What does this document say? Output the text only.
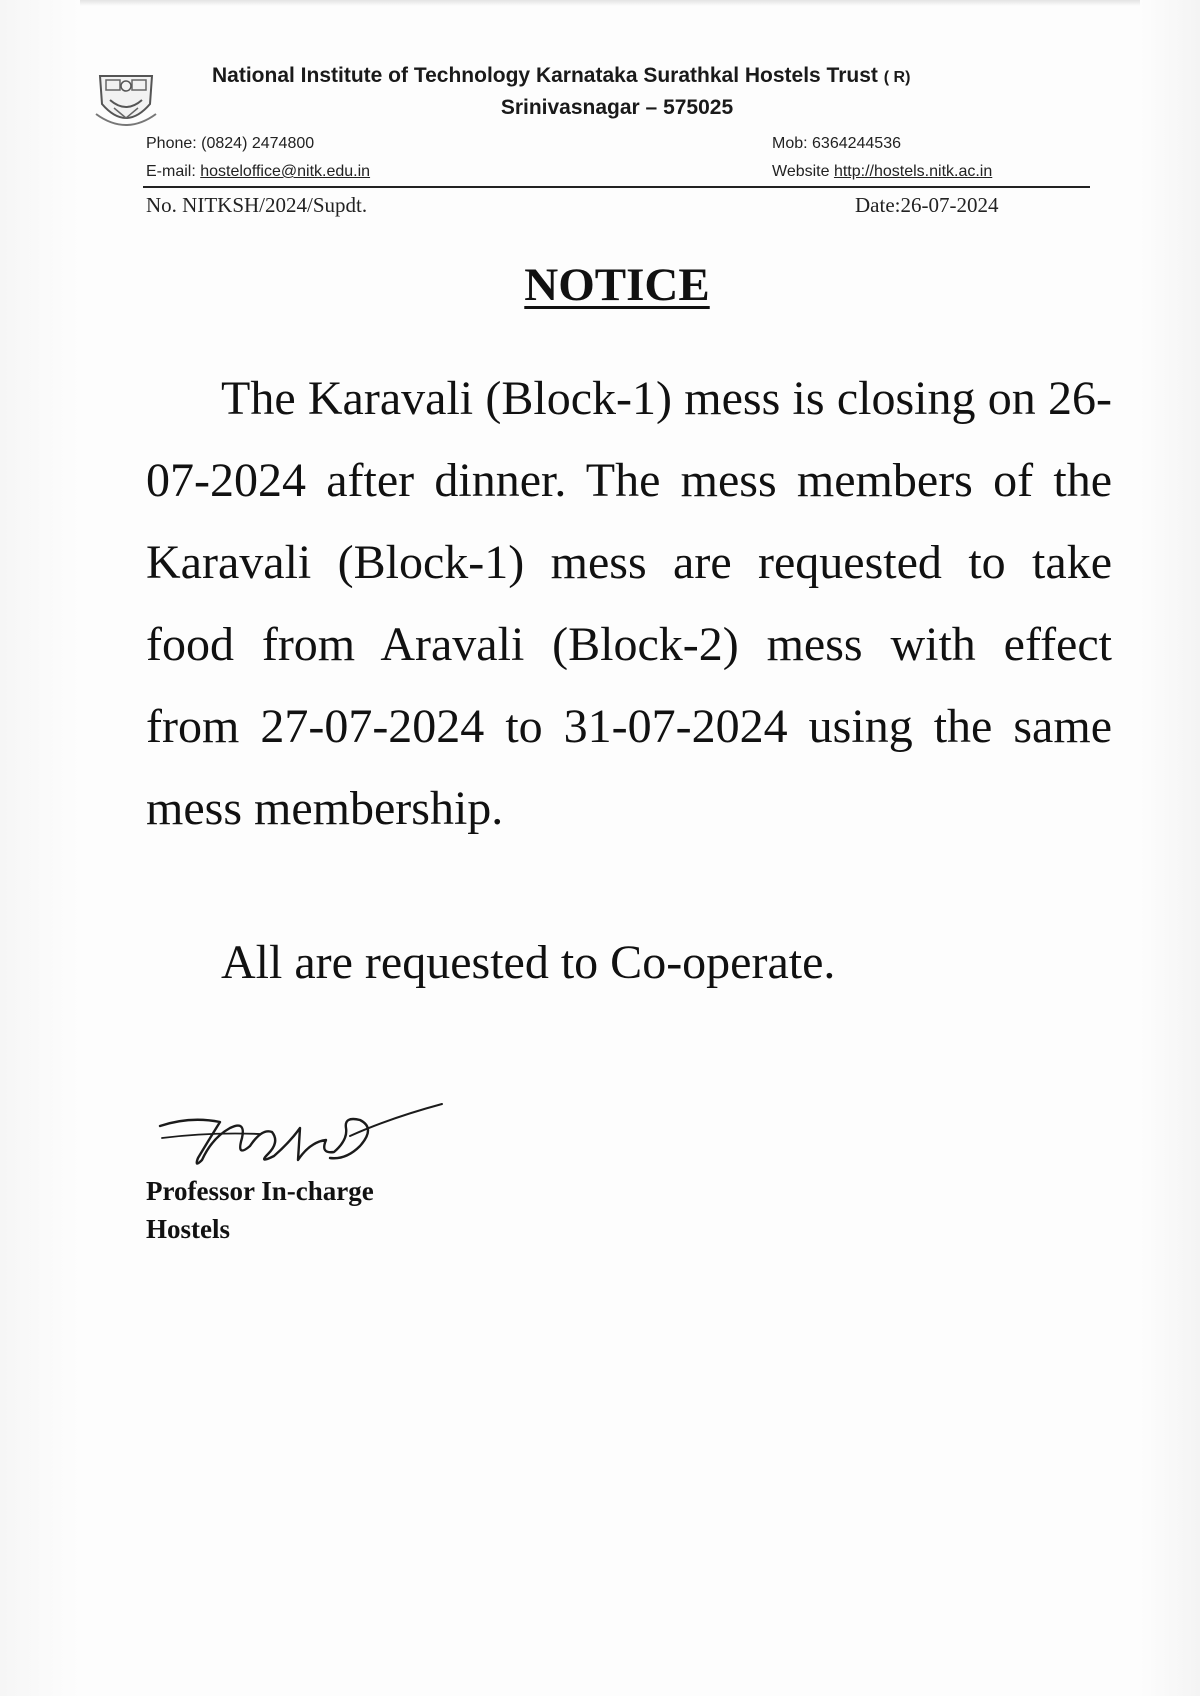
National Institute of Technology Karnataka Surathkal Hostels Trust ( R)
Srinivasnagar – 575025
Phone: (0824) 2474800
E-mail: hosteloffice@nitk.edu.in
Mob: 6364244536
Website http://hostels.nitk.ac.in
No. NITKSH/2024/Supdt.	Date:26-07-2024
NOTICE

The Karavali (Block-1) mess is closing on 26-07-2024 after dinner. The mess members of the Karavali (Block-1) mess are requested to take food from Aravali (Block-2) mess with effect from 27-07-2024 to 31-07-2024 using the same mess membership.

All are requested to Co-operate.
Professor In-charge
Hostels
